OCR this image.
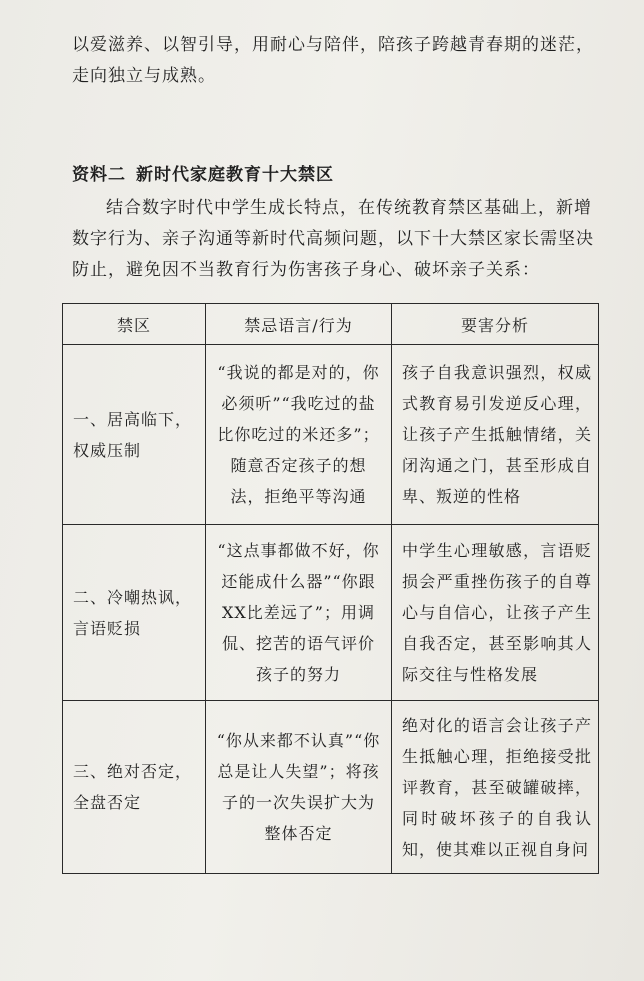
以爱滋养、以智引导，用耐心与陪伴，陪孩子跨越青春期的迷茫，走向独立与成熟。

资料二 新时代家庭教育十大禁区

结合数字时代中学生成长特点，在传统教育禁区基础上，新增数字行为、亲子沟通等新时代高频问题，以下十大禁区家长需坚决防止，避免因不当教育行为伤害孩子身心、破坏亲子关系：

禁区	禁忌语言/行为	要害分析
一、居高临下，权威压制	“我说的都是对的，你必须听”“我吃过的盐比你吃过的米还多”；随意否定孩子的想法，拒绝平等沟通	孩子自我意识强烈，权威式教育易引发逆反心理，让孩子产生抵触情绪，关闭沟通之门，甚至形成自卑、叛逆的性格
二、冷嘲热讽，言语贬损	“这点事都做不好，你还能成什么器”“你跟XX比差远了”；用调侃、挖苦的语气评价孩子的努力	中学生心理敏感，言语贬损会严重挫伤孩子的自尊心与自信心，让孩子产生自我否定，甚至影响其人际交往与性格发展
三、绝对否定，全盘否定	“你从来都不认真”“你总是让人失望”；将孩子的一次失误扩大为整体否定	绝对化的语言会让孩子产生抵触心理，拒绝接受批评教育，甚至破罐破摔，同时破坏孩子的自我认知，使其难以正视自身问
